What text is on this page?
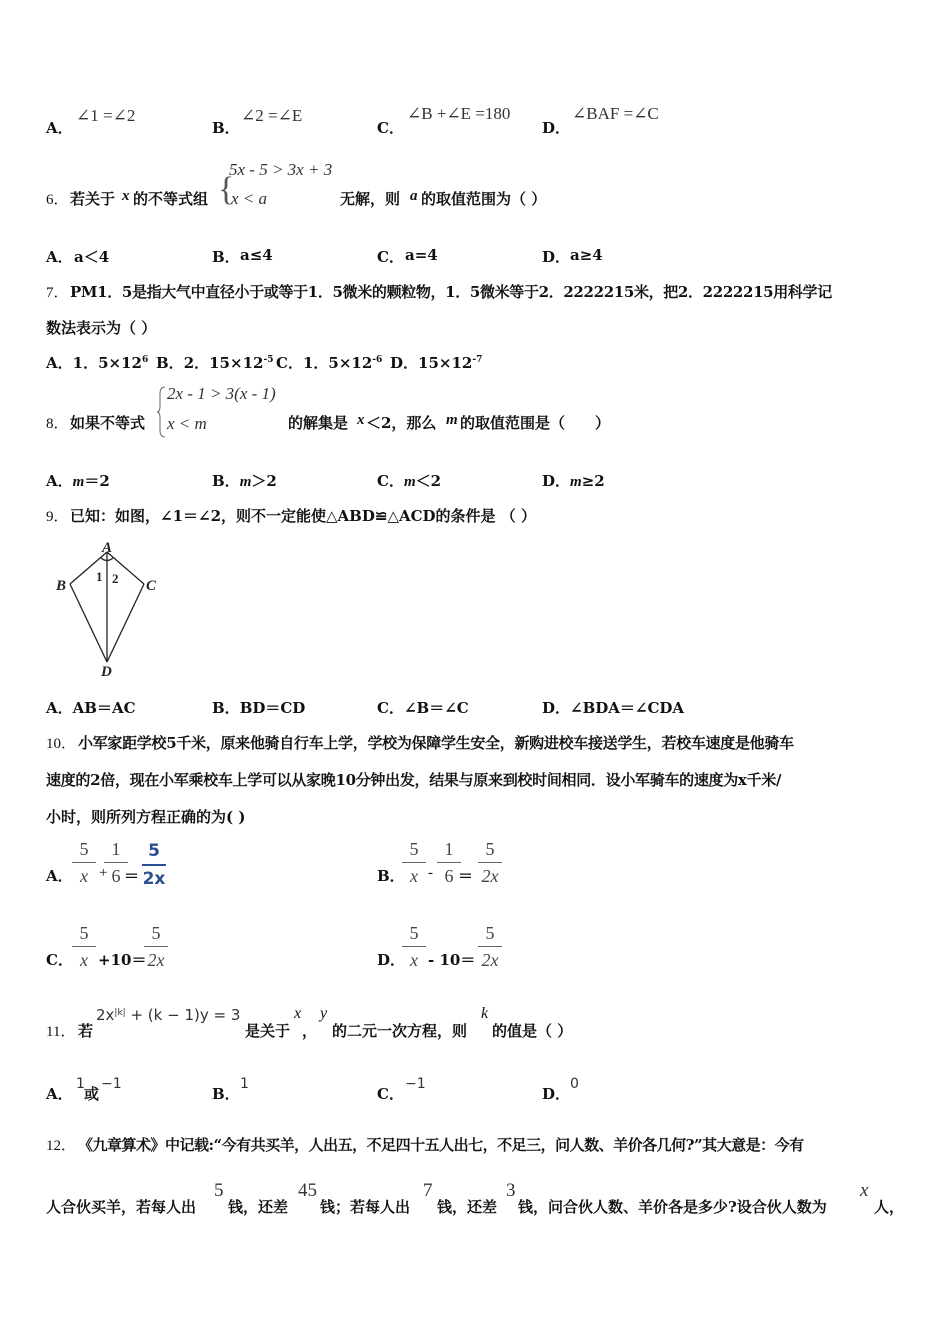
A．
∠1 =∠2
B．
∠2 =∠E
C．
∠B +∠E =180
D．
∠BAF =∠C
6． 若关于 x 的不等式组 {
5x - 5 > 3x + 3
x < a	无解，则 a 的取值范围为（ ）
A． a＜4	B． a≤4	C． a=4	D． a≥4
7． PM1．5是指大气中直径小于或等于1．5微米的颗粒物，1．5微米等于2．2222215米，把2．2222215用科学记
数法表示为（ ）
A．1．$5\times 12^6$ B．2．$15\times 12^{-5}$ C．1．$5\times 12^{-6}$ D．$15\times 12^{-7}$
8． 如果不等式
2x - 1 > 3(x - 1)
x < m	的解集是 x ＜2，那么 m 的取值范围是（　　）
A．m＝2	B．m＞2	C．m＜2	D．m≥2
9． 已知：如图，∠1＝∠2，则不一定能使△ABD≌△ACD的条件是 （ ）
A
B	C
D
1 2
A．AB＝AC	B．BD＝CD	C．∠B＝∠C	D．∠BDA＝∠CDA
10． 小军家距学校5千米，原来他骑自行车上学，学校为保障学生安全，新购进校车接送学生，若校车速度是他骑车
速度的2倍，现在小军乘校车上学可以从家晚10分钟出发，结果与原来到校时间相同．设小军骑车的速度为x千米/
小时，则所列方程正确的为( )
A．
5
x +
1
6 ＝
5
2x	B．
5
x -
1
6 ＝
5
2x
C．
5
x +10＝
5
2x	D．
5
x - 10＝
5
2x
11． 若
$2x^{|k|} + (k - 1)y = 3$
是关于
x
，
y
的二元一次方程，则
k
的值是（ ）
A．
1
或
−1
B．
1
C．
−1
D．
0
12． 《九章算术》中记载:“今有共买羊，人出五，不足四十五人出七，不足三，问人数、羊价各几何?”其大意是：今有
人合伙买羊，若每人出
5
钱，还差
45
钱；若每人出
7
钱，还差
3
钱，问合伙人数、羊价各是多少?设合伙人数为
x
人，
